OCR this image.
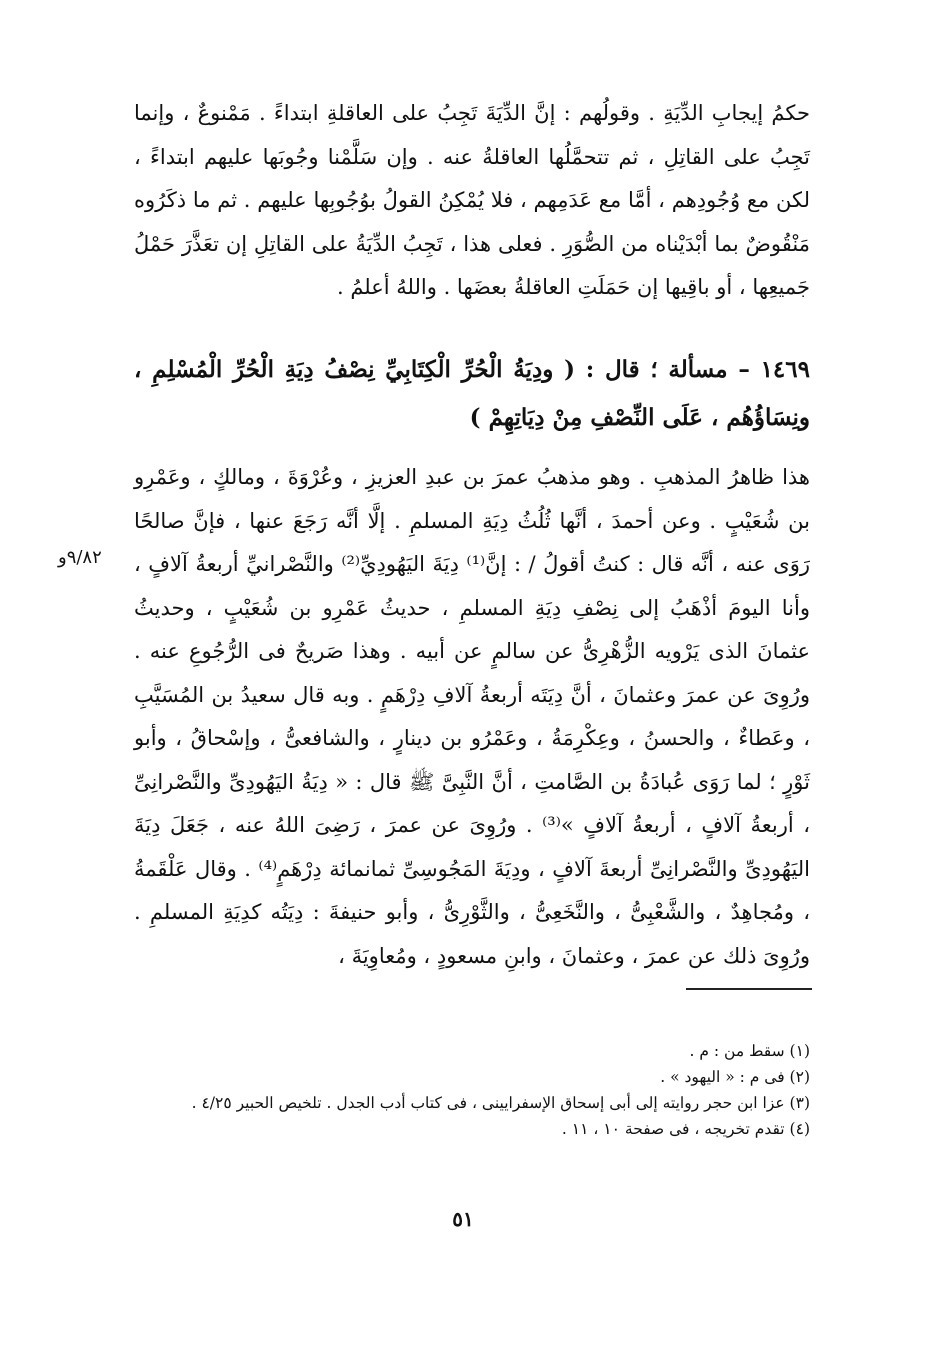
حكمُ إيجابِ الدِّيَةِ . وقولُهم : إنَّ الدِّيَةَ تَجِبُ على العاقلةِ ابتداءً . مَمْنوعٌ ، وإنما تَجِبُ على القاتِلِ ، ثم تتحمَّلُها العاقلةُ عنه . وإن سَلَّمْنا وجُوبَها عليهم ابتداءً ، لكن مع وُجُودِهم ، أمَّا مع عَدَمِهم ، فلا يُمْكِنُ القولُ بوُجُوبِها عليهم . ثم ما ذكَرُوه مَنْقُوضٌ بما أبْدَيْناه من الصُّوَرِ . فعلى هذا ، تَجِبُ الدِّيَةُ على القاتِلِ إن تعَذَّرَ حَمْلُ جَميعِها ، أو باقِيها إن حَمَلَتِ العاقلةُ بعضَها . واللهُ أعلمُ .

١٤٦٩ – مسألة ؛ قال : ( ودِيَةُ الْحُرِّ الْكِتَابِيِّ نِصْفُ دِيَةِ الْحُرِّ الْمُسْلِمِ ، ونِسَاؤُهُم ، عَلَى النِّصْفِ مِنْ دِيَاتِهِمْ )

هذا ظاهرُ المذهبِ . وهو مذهبُ عمرَ بن عبدِ العزيزِ ، وعُرْوَةَ ، ومالكٍ ، وعَمْرِو بن شُعَيْبٍ . وعن أحمدَ ، أنَّها ثُلُثُ دِيَةِ المسلمِ . إلَّا أنَّه رَجَعَ عنها ، فإنَّ صالحًا رَوَى عنه ، أنَّه قال : كنتُ أقولُ / : إنَّ⁽¹⁾ دِيَةَ اليَهُودِيِّ⁽²⁾ والنَّصْرانيِّ أربعةُ آلافٍ ، وأنا اليومَ أذْهَبُ إلى نِصْفِ دِيَةِ المسلمِ ، حديثُ عَمْرِو بن شُعَيْبٍ ، وحديثُ عثمانَ الذى يَرْويه الزُّهْرِىُّ عن سالمٍ عن أبيه . وهذا صَريحٌ فى الرُّجُوعِ عنه . ورُوِىَ عن عمرَ وعثمانَ ، أنَّ دِيَتَه أربعةُ آلافِ دِرْهَمٍ . وبه قال سعيدُ بن المُسَيَّبِ ، وعَطاءٌ ، والحسنُ ، وعِكْرِمَةُ ، وعَمْرُو بن دينارٍ ، والشافعىُّ ، وإسْحاقُ ، وأبو ثَوْرٍ ؛ لما رَوَى عُبادَةُ بن الصَّامتِ ، أنَّ النَّبِىَّ ﷺ قال : « دِيَةُ اليَهُودِىِّ والنَّصْرانِىِّ ، أربعةُ آلافٍ ، أربعةُ آلافٍ »⁽³⁾ . ورُوِىَ عن عمرَ ، رَضِىَ اللهُ عنه ، جَعَلَ دِيَةَ اليَهُودِىِّ والنَّصْرانِىِّ أربعةَ آلافٍ ، ودِيَةَ المَجُوسِىِّ ثمانمائة دِرْهَمٍ⁽⁴⁾ . وقال عَلْقَمةُ ، ومُجاهِدٌ ، والشَّعْبِىُّ ، والنَّخَعِىُّ ، والثَّوْرِىُّ ، وأبو حنيفةَ : دِيَتُه كدِيَةِ المسلمِ . ورُوِىَ ذلك عن عمرَ ، وعثمانَ ، وابنِ مسعودٍ ، ومُعاوِيَةَ ،

٩/٨٢و

(١) سقط من : م .

(٢) فى م : « اليهود » .

(٣) عزا ابن حجر روايته إلى أبى إسحاق الإسفرايينى ، فى كتاب أدب الجدل . تلخيص الحبير ٤/٢٥ .

(٤) تقدم تخريجه ، فى صفحة ١٠ ، ١١ .

٥١
